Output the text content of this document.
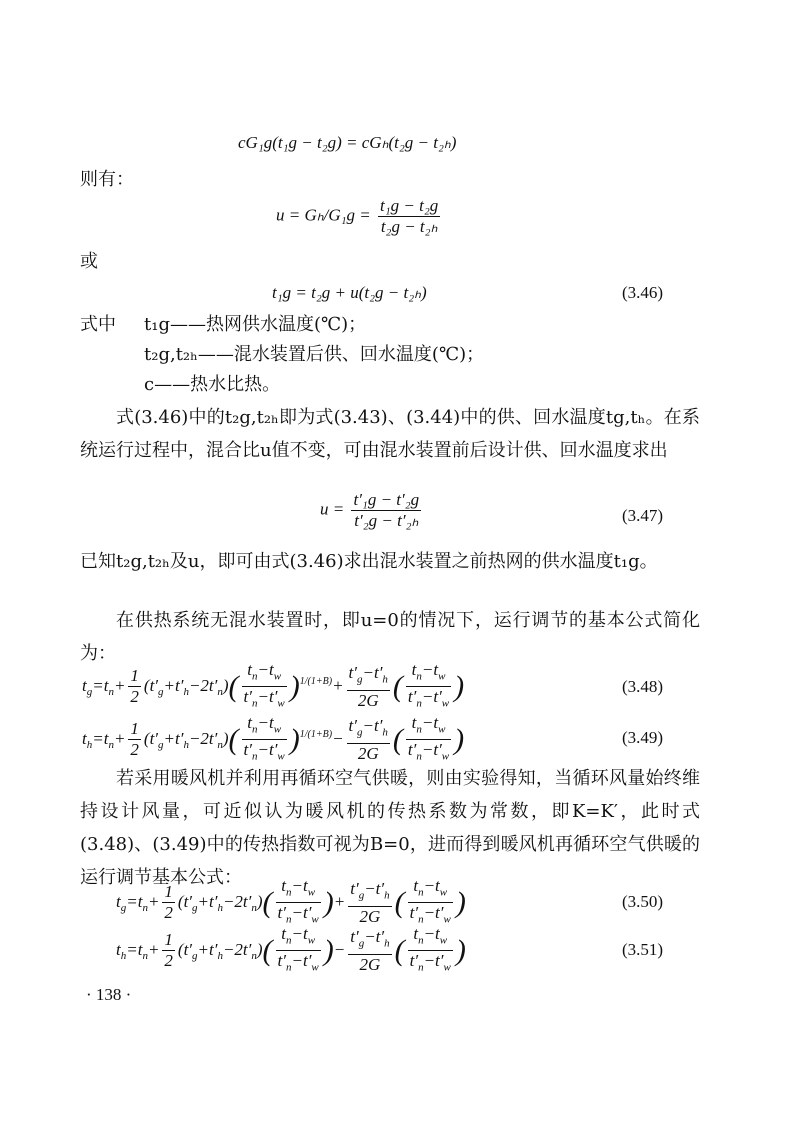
cG₁g(t₁g − t₂g) = cGₕ(t₂g − t₂ₕ)
则有：
$u = G_h/G_1g = \frac{\text{t₁g − t₂g}}{\text{t₂g − t₂ₕ}}$
或
t₁g = t₂g + u(t₂g − t₂ₕ)	(3.46)
式中 t₁g——热网供水温度(℃)；
t₂g,t₂ₕ——混水装置后供、回水温度(℃)；
c——热水比热。
式(3.46)中的t₂g,t₂ₕ即为式(3.43)、(3.44)中的供、回水温度tg,tₕ。在系统运行过程中，混合比u值不变，可由混水装置前后设计供、回水温度求出
$u = \frac{\text{t′₁g − t′₂g}}{\text{t′₂g − t′₂ₕ}}$	(3.47)
已知t₂g,t₂ₕ及u，即可由式(3.46)求出混水装置之前热网的供水温度t₁g。
在供热系统无混水装置时，即u=0的情况下，运行调节的基本公式简化为：
$t_g=t_n+ \frac{1}{2} (t'_g+t'_h-2t'_n)( \frac{t_n-t_w}{t'_n-t'_w} )^{1/(1+B)}+ \frac{t'_g-t'_h}{2G}$ ( $\frac{t_n-t_w}{t'_n-t'_w}$ )	(3.48)
$t_h=t_n+ \frac{1}{2} (t'_g+t'_h-2t'_n)( \frac{t_n-t_w}{t'_n-t'_w} )^{1/(1+B)}- \frac{t'_g-t'_h}{2G}$ ( $\frac{t_n-t_w}{t'_n-t'_w}$ )	(3.49)
若采用暖风机并利用再循环空气供暖，则由实验得知，当循环风量始终维持设计风量，可近似认为暖风机的传热系数为常数，即K=K′，此时式(3.48)、(3.49)中的传热指数可视为B=0，进而得到暖风机再循环空气供暖的运行调节基本公式：
$t_g=t_n+ \frac{1}{2} (t'_g+t'_h-2t'_n)( \frac{t_n-t_w}{t'_n-t'_w}$ )+ $\frac{t'_g-t'_h}{2G}$ ( $\frac{t_n-t_w}{t'_n-t'_w}$ )	(3.50)
$t_h=t_n+ \frac{1}{2} (t'_g+t'_h-2t'_n)( \frac{t_n-t_w}{t'_n-t'_w}$ )− $\frac{t'_g-t'_h}{2G}$ ( $\frac{t_n-t_w}{t'_n-t'_w}$ )	(3.51)
· 138 ·
